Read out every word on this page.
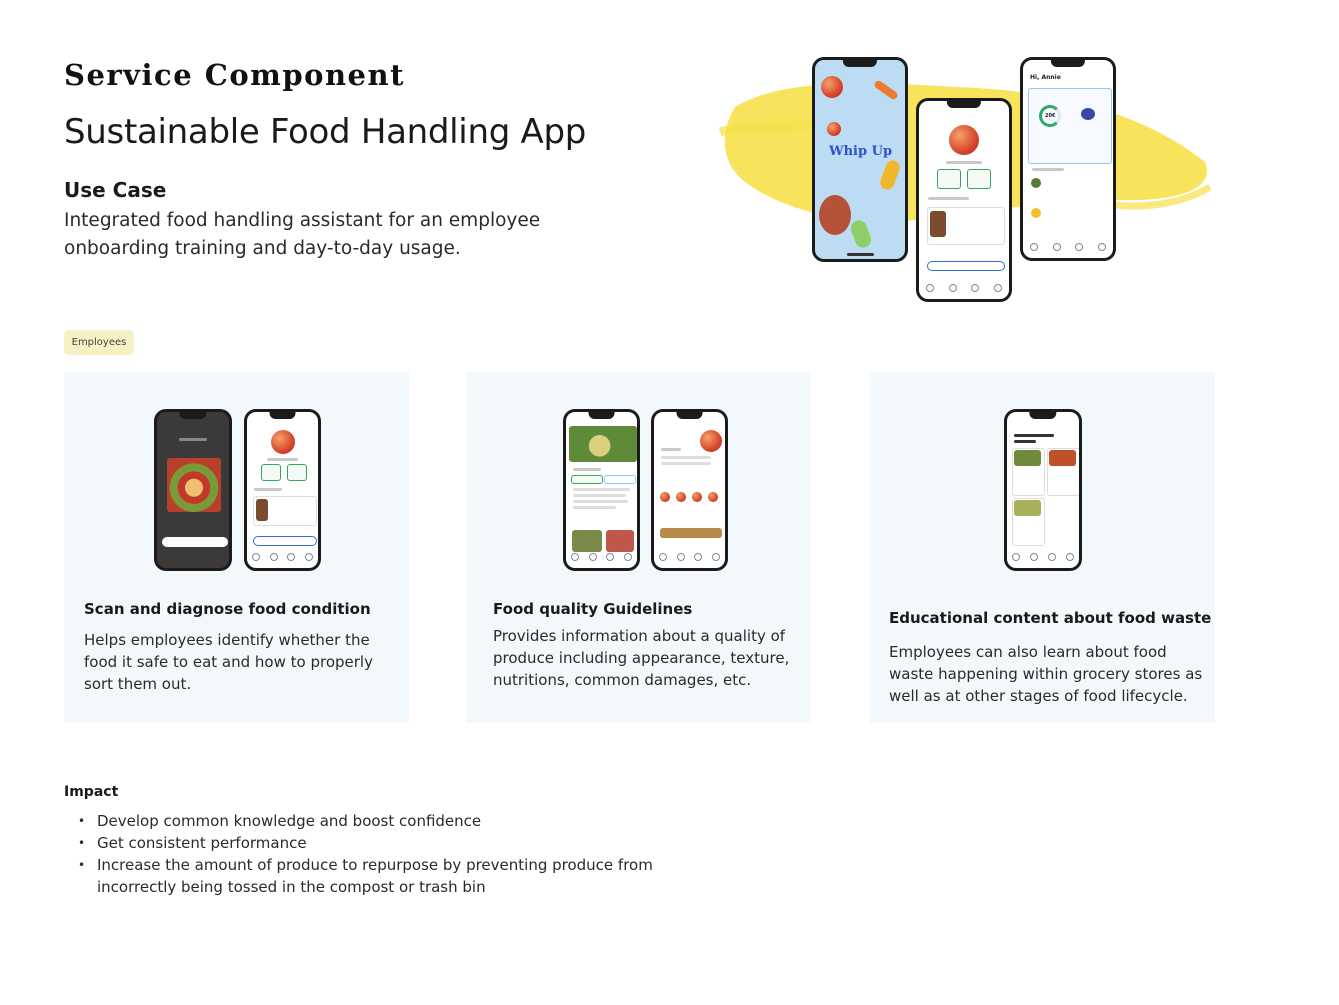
Service Component
Sustainable Food Handling App
Use Case
Integrated food handling assistant for an employee onboarding training and day-to-day usage.
Whip Up
Hi, Annie
20€
Employees
Scan and diagnose food condition
Helps employees identify whether the food it safe to eat and how to properly sort them out.
Food quality Guidelines
Provides information about a quality of produce including appearance, texture, nutritions, common damages, etc.
Educational content about food waste
Employees can also learn about food waste happening within grocery stores as well as at other stages of food lifecycle.
Impact
• Develop common knowledge and boost confidence
• Get consistent performance
• Increase the amount of produce to repurpose by preventing produce from incorrectly being tossed in the compost or trash bin
